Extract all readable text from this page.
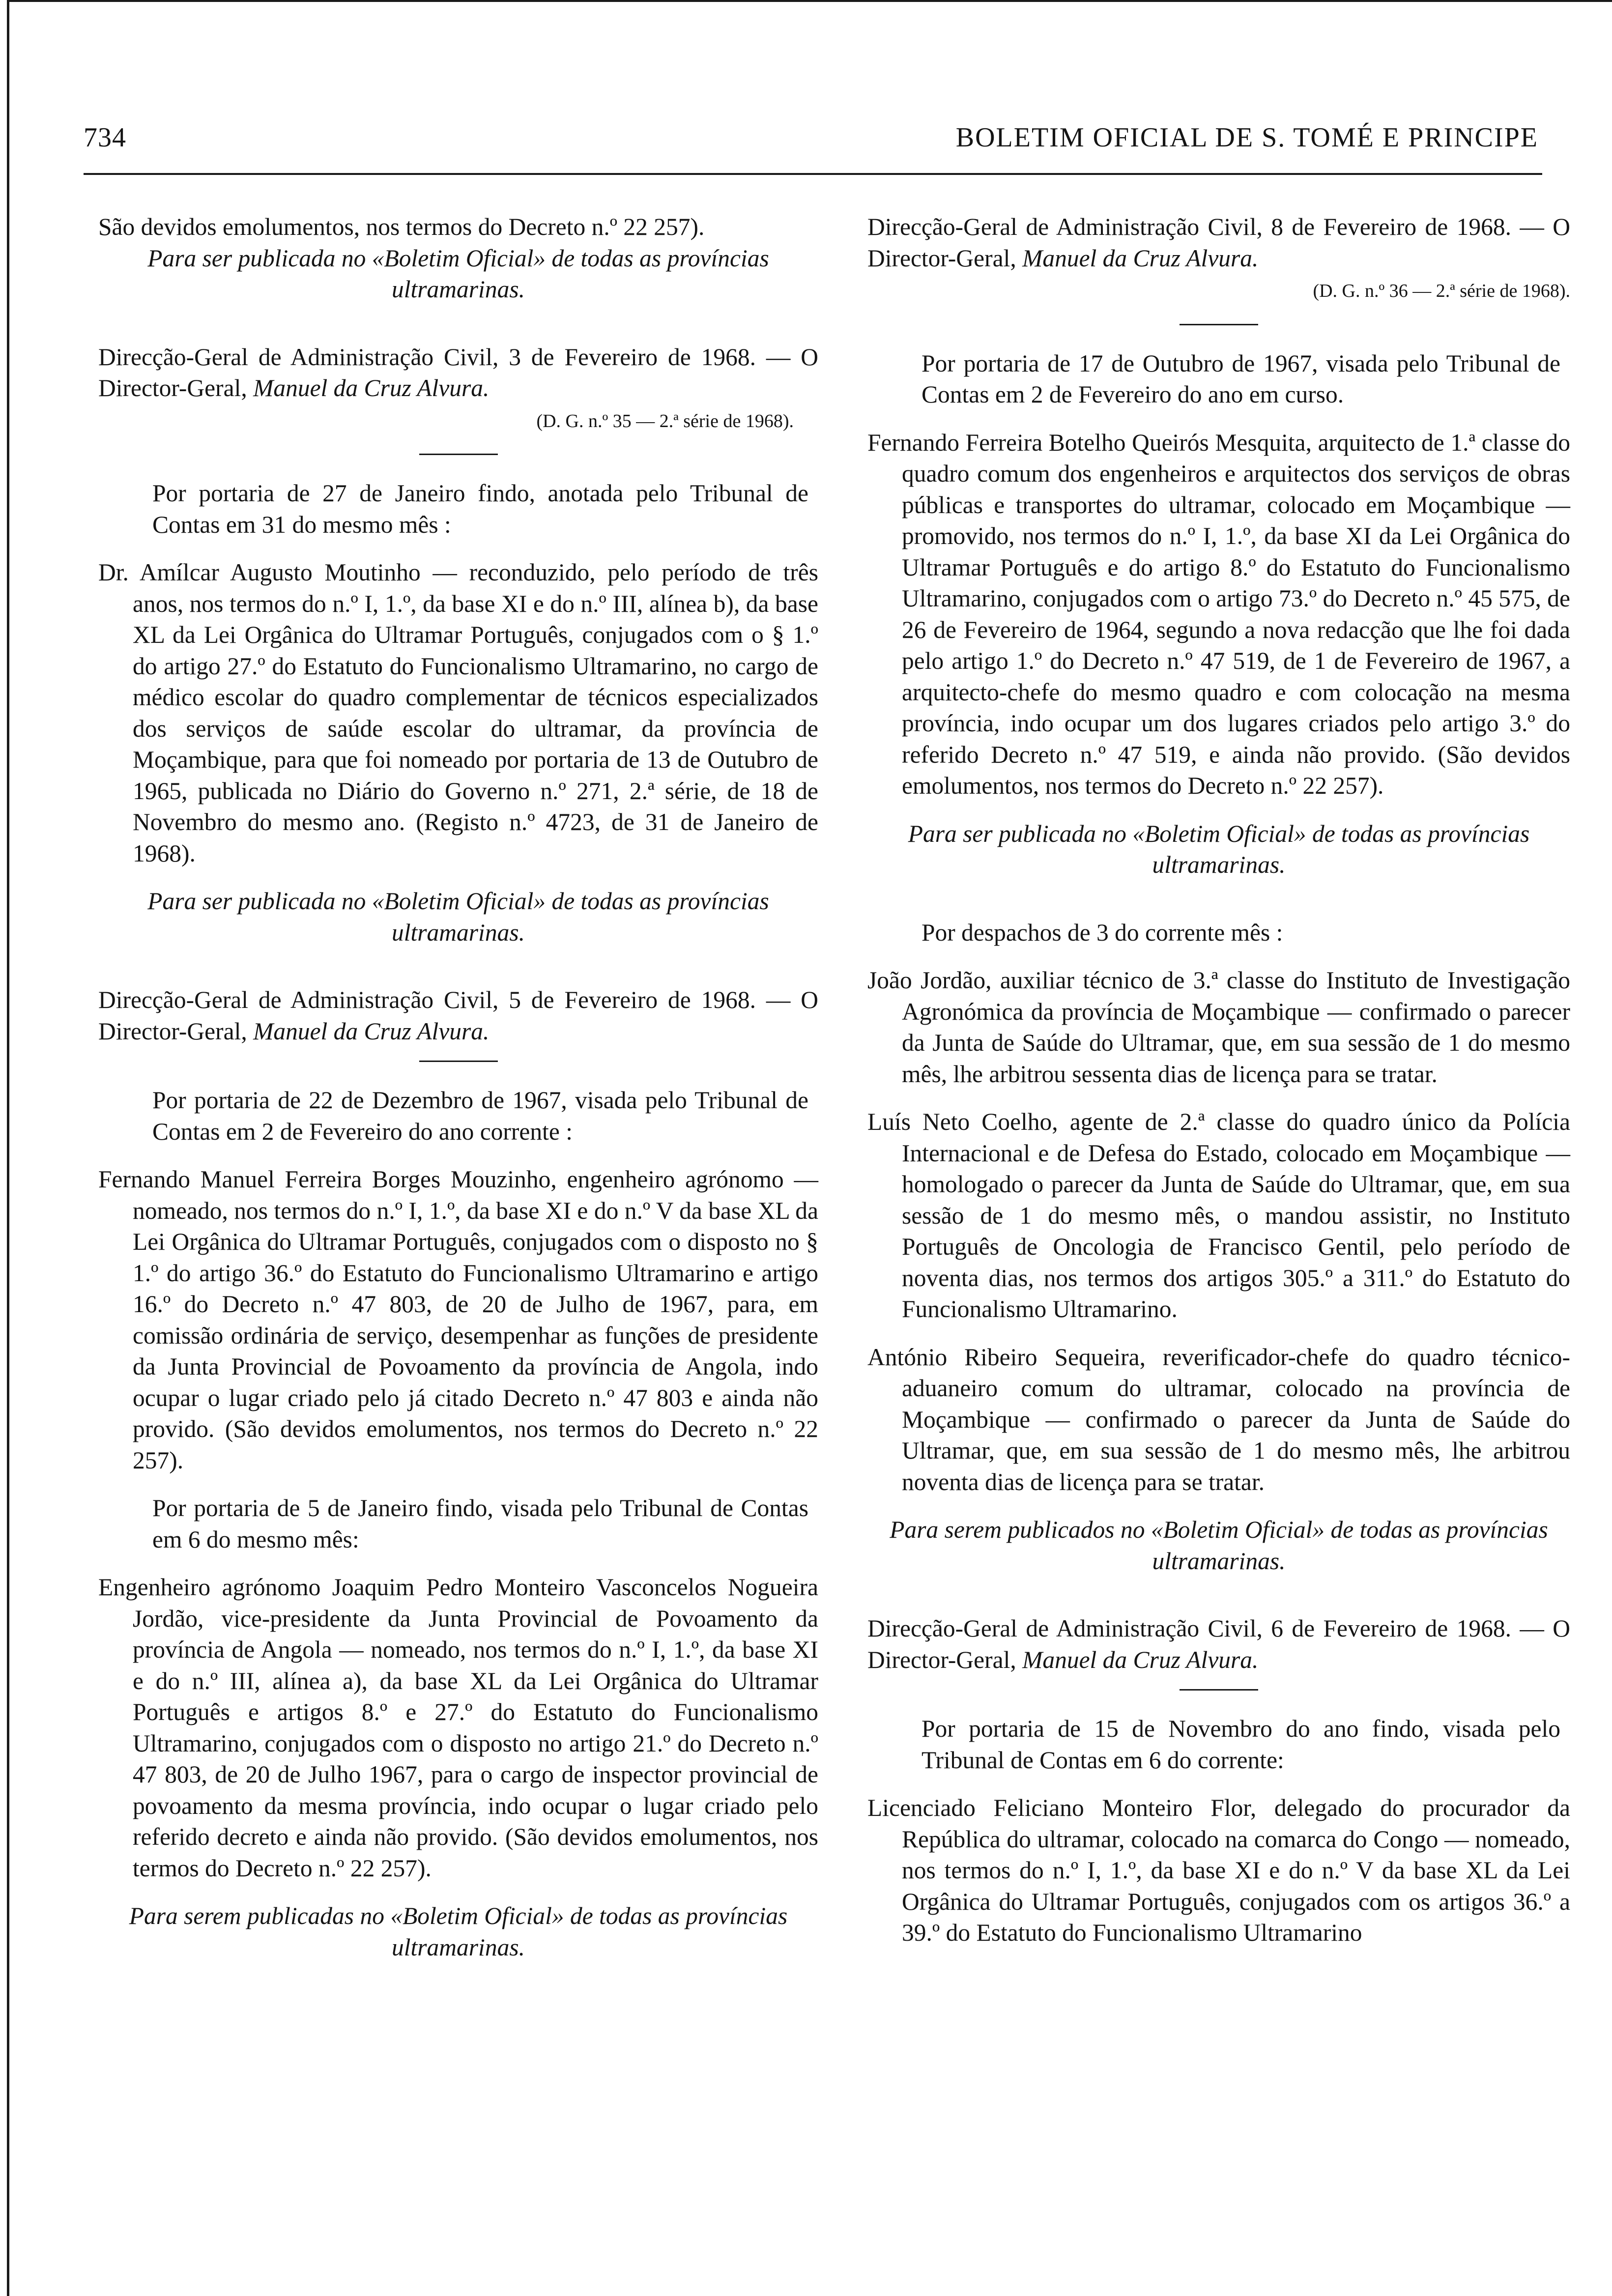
734	BOLETIM OFICIAL DE S. TOMÉ E PRINCIPE

São devidos emolumentos, nos termos do Decreto n.º 22 257).

Para ser publicada no «Boletim Oficial» de todas as províncias ultramarinas.

Direcção-Geral de Administração Civil, 3 de Fevereiro de 1968. — O Director-Geral, Manuel da Cruz Alvura.

(D. G. n.º 35 — 2.ª série de 1968).

Por portaria de 27 de Janeiro findo, anotada pelo Tribunal de Contas em 31 do mesmo mês :

Dr. Amílcar Augusto Moutinho — reconduzido, pelo período de três anos, nos termos do n.º I, 1.º, da base XI e do n.º III, alínea b), da base XL da Lei Orgânica do Ultramar Português, conjugados com o § 1.º do artigo 27.º do Estatuto do Funcionalismo Ultramarino, no cargo de médico escolar do quadro complementar de técnicos especializados dos serviços de saúde escolar do ultramar, da província de Moçambique, para que foi nomeado por portaria de 13 de Outubro de 1965, publicada no Diário do Governo n.º 271, 2.ª série, de 18 de Novembro do mesmo ano. (Registo n.º 4723, de 31 de Janeiro de 1968).

Para ser publicada no «Boletim Oficial» de todas as províncias ultramarinas.

Direcção-Geral de Administração Civil, 5 de Fevereiro de 1968. — O Director-Geral, Manuel da Cruz Alvura.

Por portaria de 22 de Dezembro de 1967, visada pelo Tribunal de Contas em 2 de Fevereiro do ano corrente :

Fernando Manuel Ferreira Borges Mouzinho, engenheiro agrónomo — nomeado, nos termos do n.º I, 1.º, da base XI e do n.º V da base XL da Lei Orgânica do Ultramar Português, conjugados com o disposto no § 1.º do artigo 36.º do Estatuto do Funcionalismo Ultramarino e artigo 16.º do Decreto n.º 47 803, de 20 de Julho de 1967, para, em comissão ordinária de serviço, desempenhar as funções de presidente da Junta Provincial de Povoamento da província de Angola, indo ocupar o lugar criado pelo já citado Decreto n.º 47 803 e ainda não provido. (São devidos emolumentos, nos termos do Decreto n.º 22 257).

Por portaria de 5 de Janeiro findo, visada pelo Tribunal de Contas em 6 do mesmo mês:

Engenheiro agrónomo Joaquim Pedro Monteiro Vasconcelos Nogueira Jordão, vice-presidente da Junta Provincial de Povoamento da província de Angola — nomeado, nos termos do n.º I, 1.º, da base XI e do n.º III, alínea a), da base XL da Lei Orgânica do Ultramar Português e artigos 8.º e 27.º do Estatuto do Funcionalismo Ultramarino, conjugados com o disposto no artigo 21.º do Decreto n.º 47 803, de 20 de Julho 1967, para o cargo de inspector provincial de povoamento da mesma província, indo ocupar o lugar criado pelo referido decreto e ainda não provido. (São devidos emolumentos, nos termos do Decreto n.º 22 257).

Para serem publicadas no «Boletim Oficial» de todas as províncias ultramarinas.

Direcção-Geral de Administração Civil, 8 de Fevereiro de 1968. — O Director-Geral, Manuel da Cruz Alvura.

(D. G. n.º 36 — 2.ª série de 1968).

Por portaria de 17 de Outubro de 1967, visada pelo Tribunal de Contas em 2 de Fevereiro do ano em curso.

Fernando Ferreira Botelho Queirós Mesquita, arquitecto de 1.ª classe do quadro comum dos engenheiros e arquitectos dos serviços de obras públicas e transportes do ultramar, colocado em Moçambique — promovido, nos termos do n.º I, 1.º, da base XI da Lei Orgânica do Ultramar Português e do artigo 8.º do Estatuto do Funcionalismo Ultramarino, conjugados com o artigo 73.º do Decreto n.º 45 575, de 26 de Fevereiro de 1964, segundo a nova redacção que lhe foi dada pelo artigo 1.º do Decreto n.º 47 519, de 1 de Fevereiro de 1967, a arquitecto-chefe do mesmo quadro e com colocação na mesma província, indo ocupar um dos lugares criados pelo artigo 3.º do referido Decreto n.º 47 519, e ainda não provido. (São devidos emolumentos, nos termos do Decreto n.º 22 257).

Para ser publicada no «Boletim Oficial» de todas as províncias ultramarinas.

Por despachos de 3 do corrente mês :

João Jordão, auxiliar técnico de 3.ª classe do Instituto de Investigação Agronómica da província de Moçambique — confirmado o parecer da Junta de Saúde do Ultramar, que, em sua sessão de 1 do mesmo mês, lhe arbitrou sessenta dias de licença para se tratar.

Luís Neto Coelho, agente de 2.ª classe do quadro único da Polícia Internacional e de Defesa do Estado, colocado em Moçambique — homologado o parecer da Junta de Saúde do Ultramar, que, em sua sessão de 1 do mesmo mês, o mandou assistir, no Instituto Português de Oncologia de Francisco Gentil, pelo período de noventa dias, nos termos dos artigos 305.º a 311.º do Estatuto do Funcionalismo Ultramarino.

António Ribeiro Sequeira, reverificador-chefe do quadro técnico-aduaneiro comum do ultramar, colocado na província de Moçambique — confirmado o parecer da Junta de Saúde do Ultramar, que, em sua sessão de 1 do mesmo mês, lhe arbitrou noventa dias de licença para se tratar.

Para serem publicados no «Boletim Oficial» de todas as províncias ultramarinas.

Direcção-Geral de Administração Civil, 6 de Fevereiro de 1968. — O Director-Geral, Manuel da Cruz Alvura.

Por portaria de 15 de Novembro do ano findo, visada pelo Tribunal de Contas em 6 do corrente:

Licenciado Feliciano Monteiro Flor, delegado do procurador da República do ultramar, colocado na comarca do Congo — nomeado, nos termos do n.º I, 1.º, da base XI e do n.º V da base XL da Lei Orgânica do Ultramar Português, conjugados com os artigos 36.º a 39.º do Estatuto do Funcionalismo Ultramarino
